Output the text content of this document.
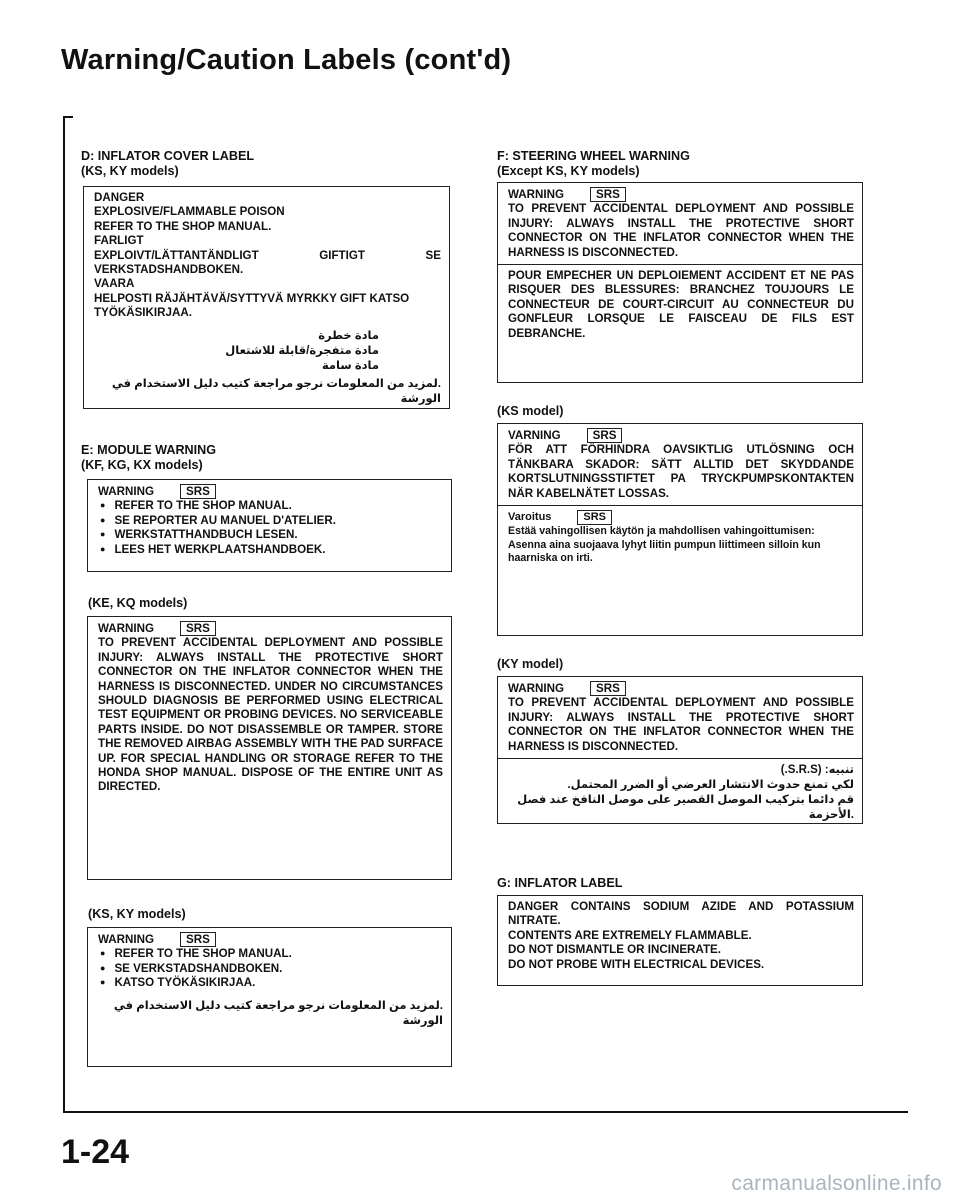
Warning/Caution Labels (cont'd)
D: INFLATOR COVER LABEL
(KS, KY models)
DANGER
EXPLOSIVE/FLAMMABLE POISON
REFER TO THE SHOP MANUAL.
FARLIGT
EXPLOIVT/LÄTTANTÄNDLIGT GIFTIGT SE VERKSTADSHANDBOKEN.
VAARA
HELPOSTI RÄJÄHTÄVÄ/SYTTYVÄ MYRKKY GIFT KATSO TYÖKÄSIKIRJAA.
مادة خطرة
مادة متفجرة/قابلة للاشتعال
مادة سامة
.لمزيد من المعلومات نرجو مراجعة كتيب دليل الاستخدام في الورشة
E: MODULE WARNING
(KF, KG, KX models)
WARNING	SRS
● REFER TO THE SHOP MANUAL.
● SE REPORTER AU MANUEL D'ATELIER.
● WERKSTATTHANDBUCH LESEN.
● LEES HET WERKPLAATSHANDBOEK.
(KE, KQ models)
WARNING	SRS
TO PREVENT ACCIDENTAL DEPLOYMENT AND POSSIBLE INJURY: ALWAYS INSTALL THE PROTECTIVE SHORT CONNECTOR ON THE INFLATOR CONNECTOR WHEN THE HARNESS IS DISCONNECTED. UNDER NO CIRCUMSTANCES SHOULD DIAGNOSIS BE PERFORMED USING ELECTRICAL TEST EQUIPMENT OR PROBING DEVICES. NO SERVICEABLE PARTS INSIDE. DO NOT DISASSEMBLE OR TAMPER. STORE THE REMOVED AIRBAG ASSEMBLY WITH THE PAD SURFACE UP. FOR SPECIAL HANDLING OR STORAGE REFER TO THE HONDA SHOP MANUAL. DISPOSE OF THE ENTIRE UNIT AS DIRECTED.
(KS, KY models)
WARNING	SRS
● REFER TO THE SHOP MANUAL.
● SE VERKSTADSHANDBOKEN.
● KATSO TYÖKÄSIKIRJAA.
.لمزيد من المعلومات نرجو مراجعة كتيب دليل الاستخدام في الورشة
F: STEERING WHEEL WARNING
(Except KS, KY models)
WARNING	SRS
TO PREVENT ACCIDENTAL DEPLOYMENT AND POSSIBLE INJURY: ALWAYS INSTALL THE PROTECTIVE SHORT CONNECTOR ON THE INFLATOR CONNECTOR WHEN THE HARNESS IS DISCONNECTED.
POUR EMPECHER UN DEPLOIEMENT ACCIDENT ET NE PAS RISQUER DES BLESSURES: BRANCHEZ TOUJOURS LE CONNECTEUR DE COURT-CIRCUIT AU CONNECTEUR DU GONFLEUR LORSQUE LE FAISCEAU DE FILS EST DEBRANCHE.
(KS model)
VARNING	SRS
FÖR ATT FÖRHINDRA OAVSIKTLIG UTLÖSNING OCH TÄNKBARA SKADOR: SÄTT ALLTID DET SKYDDANDE KORTSLUTNINGSSTIFTET PA TRYCKPUMPSKONTAKTEN NÄR KABELNÄTET LOSSAS.
Varoitus	SRS
Estää vahingollisen käytön ja mahdollisen vahingoittumisen: Asenna aina suojaava lyhyt liitin pumpun liittimeen silloin kun haarniska on irti.
(KY model)
WARNING	SRS
TO PREVENT ACCIDENTAL DEPLOYMENT AND POSSIBLE INJURY: ALWAYS INSTALL THE PROTECTIVE SHORT CONNECTOR ON THE INFLATOR CONNECTOR WHEN THE HARNESS IS DISCONNECTED.
تنبيه: (S.R.S.)
لكي تمنع حدوث الانتشار العرضي أو الضرر المحتمل.
قم دائما بتركيب الموصل القصير على موصل النافخ عند فصل
.الأحزمة
G: INFLATOR LABEL
DANGER CONTAINS SODIUM AZIDE AND POTASSIUM NITRATE.
CONTENTS ARE EXTREMELY FLAMMABLE.
DO NOT DISMANTLE OR INCINERATE.
DO NOT PROBE WITH ELECTRICAL DEVICES.
1-24
carmanualsonline.info
